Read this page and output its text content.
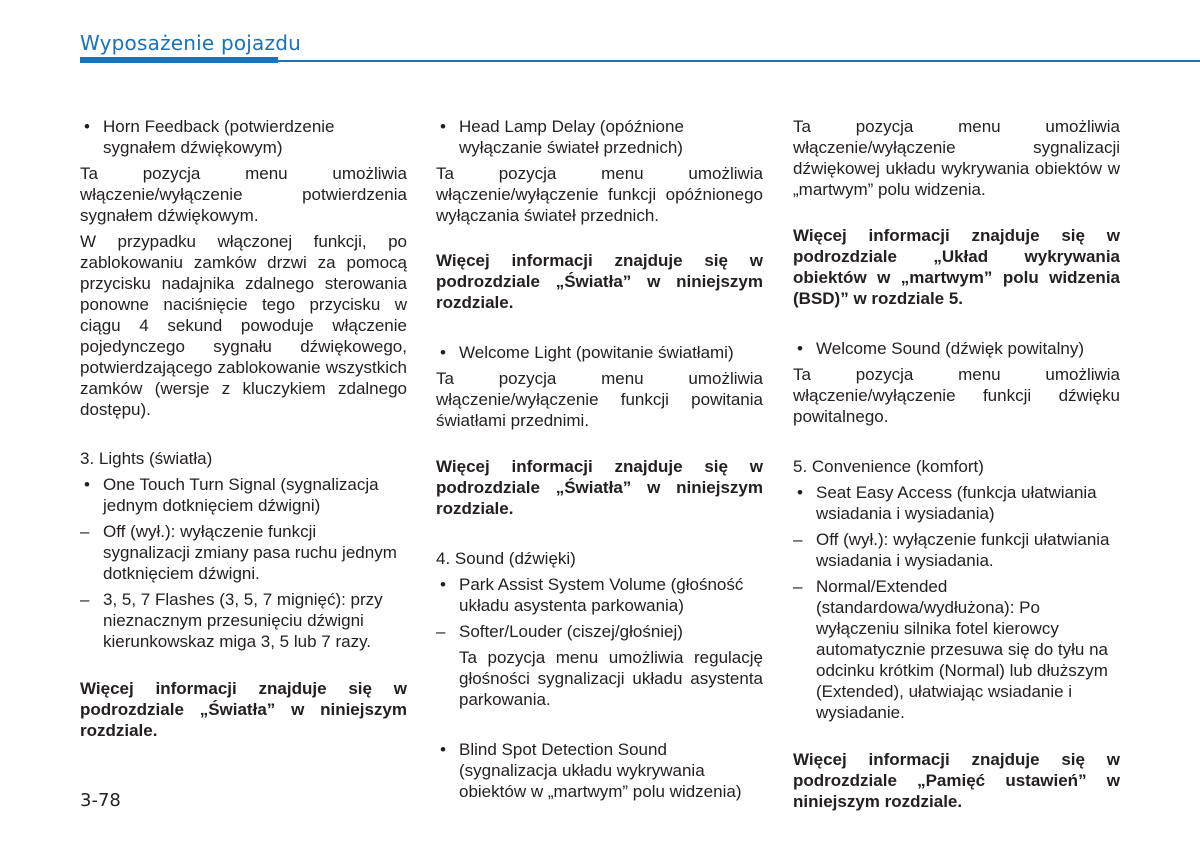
Wyposażenie pojazdu

• Horn Feedback (potwierdzenie sygnałem dźwiękowym)

Ta pozycja menu umożliwia włączenie/wyłączenie potwierdzenia sygnałem dźwiękowym.

W przypadku włączonej funkcji, po zablokowaniu zamków drzwi za pomocą przycisku nadajnika zdalnego sterowania ponowne naciśnięcie tego przycisku w ciągu 4 sekund powoduje włączenie pojedynczego sygnału dźwiękowego, potwierdzającego zablokowanie wszystkich zamków (wersje z kluczykiem zdalnego dostępu).

3. Lights (światła)

• One Touch Turn Signal (sygnalizacja jednym dotknięciem dźwigni)

– Off (wył.): wyłączenie funkcji sygnalizacji zmiany pasa ruchu jednym dotknięciem dźwigni.
– 3, 5, 7 Flashes (3, 5, 7 mignięć): przy nieznacznym przesunięciu dźwigni kierunkowskaz miga 3, 5 lub 7 razy.

Więcej informacji znajduje się w podrozdziale „Światła” w niniejszym rozdziale.

• Head Lamp Delay (opóźnione wyłączanie świateł przednich)

Ta pozycja menu umożliwia włączenie/wyłączenie funkcji opóźnionego wyłączania świateł przednich.

Więcej informacji znajduje się w podrozdziale „Światła” w niniejszym rozdziale.

• Welcome Light (powitanie światłami)

Ta pozycja menu umożliwia włączenie/wyłączenie funkcji powitania światłami przednimi.

Więcej informacji znajduje się w podrozdziale „Światła” w niniejszym rozdziale.

4. Sound (dźwięki)

• Park Assist System Volume (głośność układu asystenta parkowania)

– Softer/Louder (ciszej/głośniej)

Ta pozycja menu umożliwia regulację głośności sygnalizacji układu asystenta parkowania.

• Blind Spot Detection Sound (sygnalizacja układu wykrywania obiektów w „martwym” polu widzenia)

Ta pozycja menu umożliwia włączenie/wyłączenie sygnalizacji dźwiękowej układu wykrywania obiektów w „martwym” polu widzenia.

Więcej informacji znajduje się w podrozdziale „Układ wykrywania obiektów w „martwym” polu widzenia (BSD)” w rozdziale 5.

• Welcome Sound (dźwięk powitalny)

Ta pozycja menu umożliwia włączenie/wyłączenie funkcji dźwięku powitalnego.

5. Convenience (komfort)

• Seat Easy Access (funkcja ułatwiania wsiadania i wysiadania)

– Off (wył.): wyłączenie funkcji ułatwiania wsiadania i wysiadania.
– Normal/Extended (standardowa/wydłużona): Po wyłączeniu silnika fotel kierowcy automatycznie przesuwa się do tyłu na odcinku krótkim (Normal) lub dłuższym (Extended), ułatwiając wsiadanie i wysiadanie.

Więcej informacji znajduje się w podrozdziale „Pamięć ustawień” w niniejszym rozdziale.

3-78
